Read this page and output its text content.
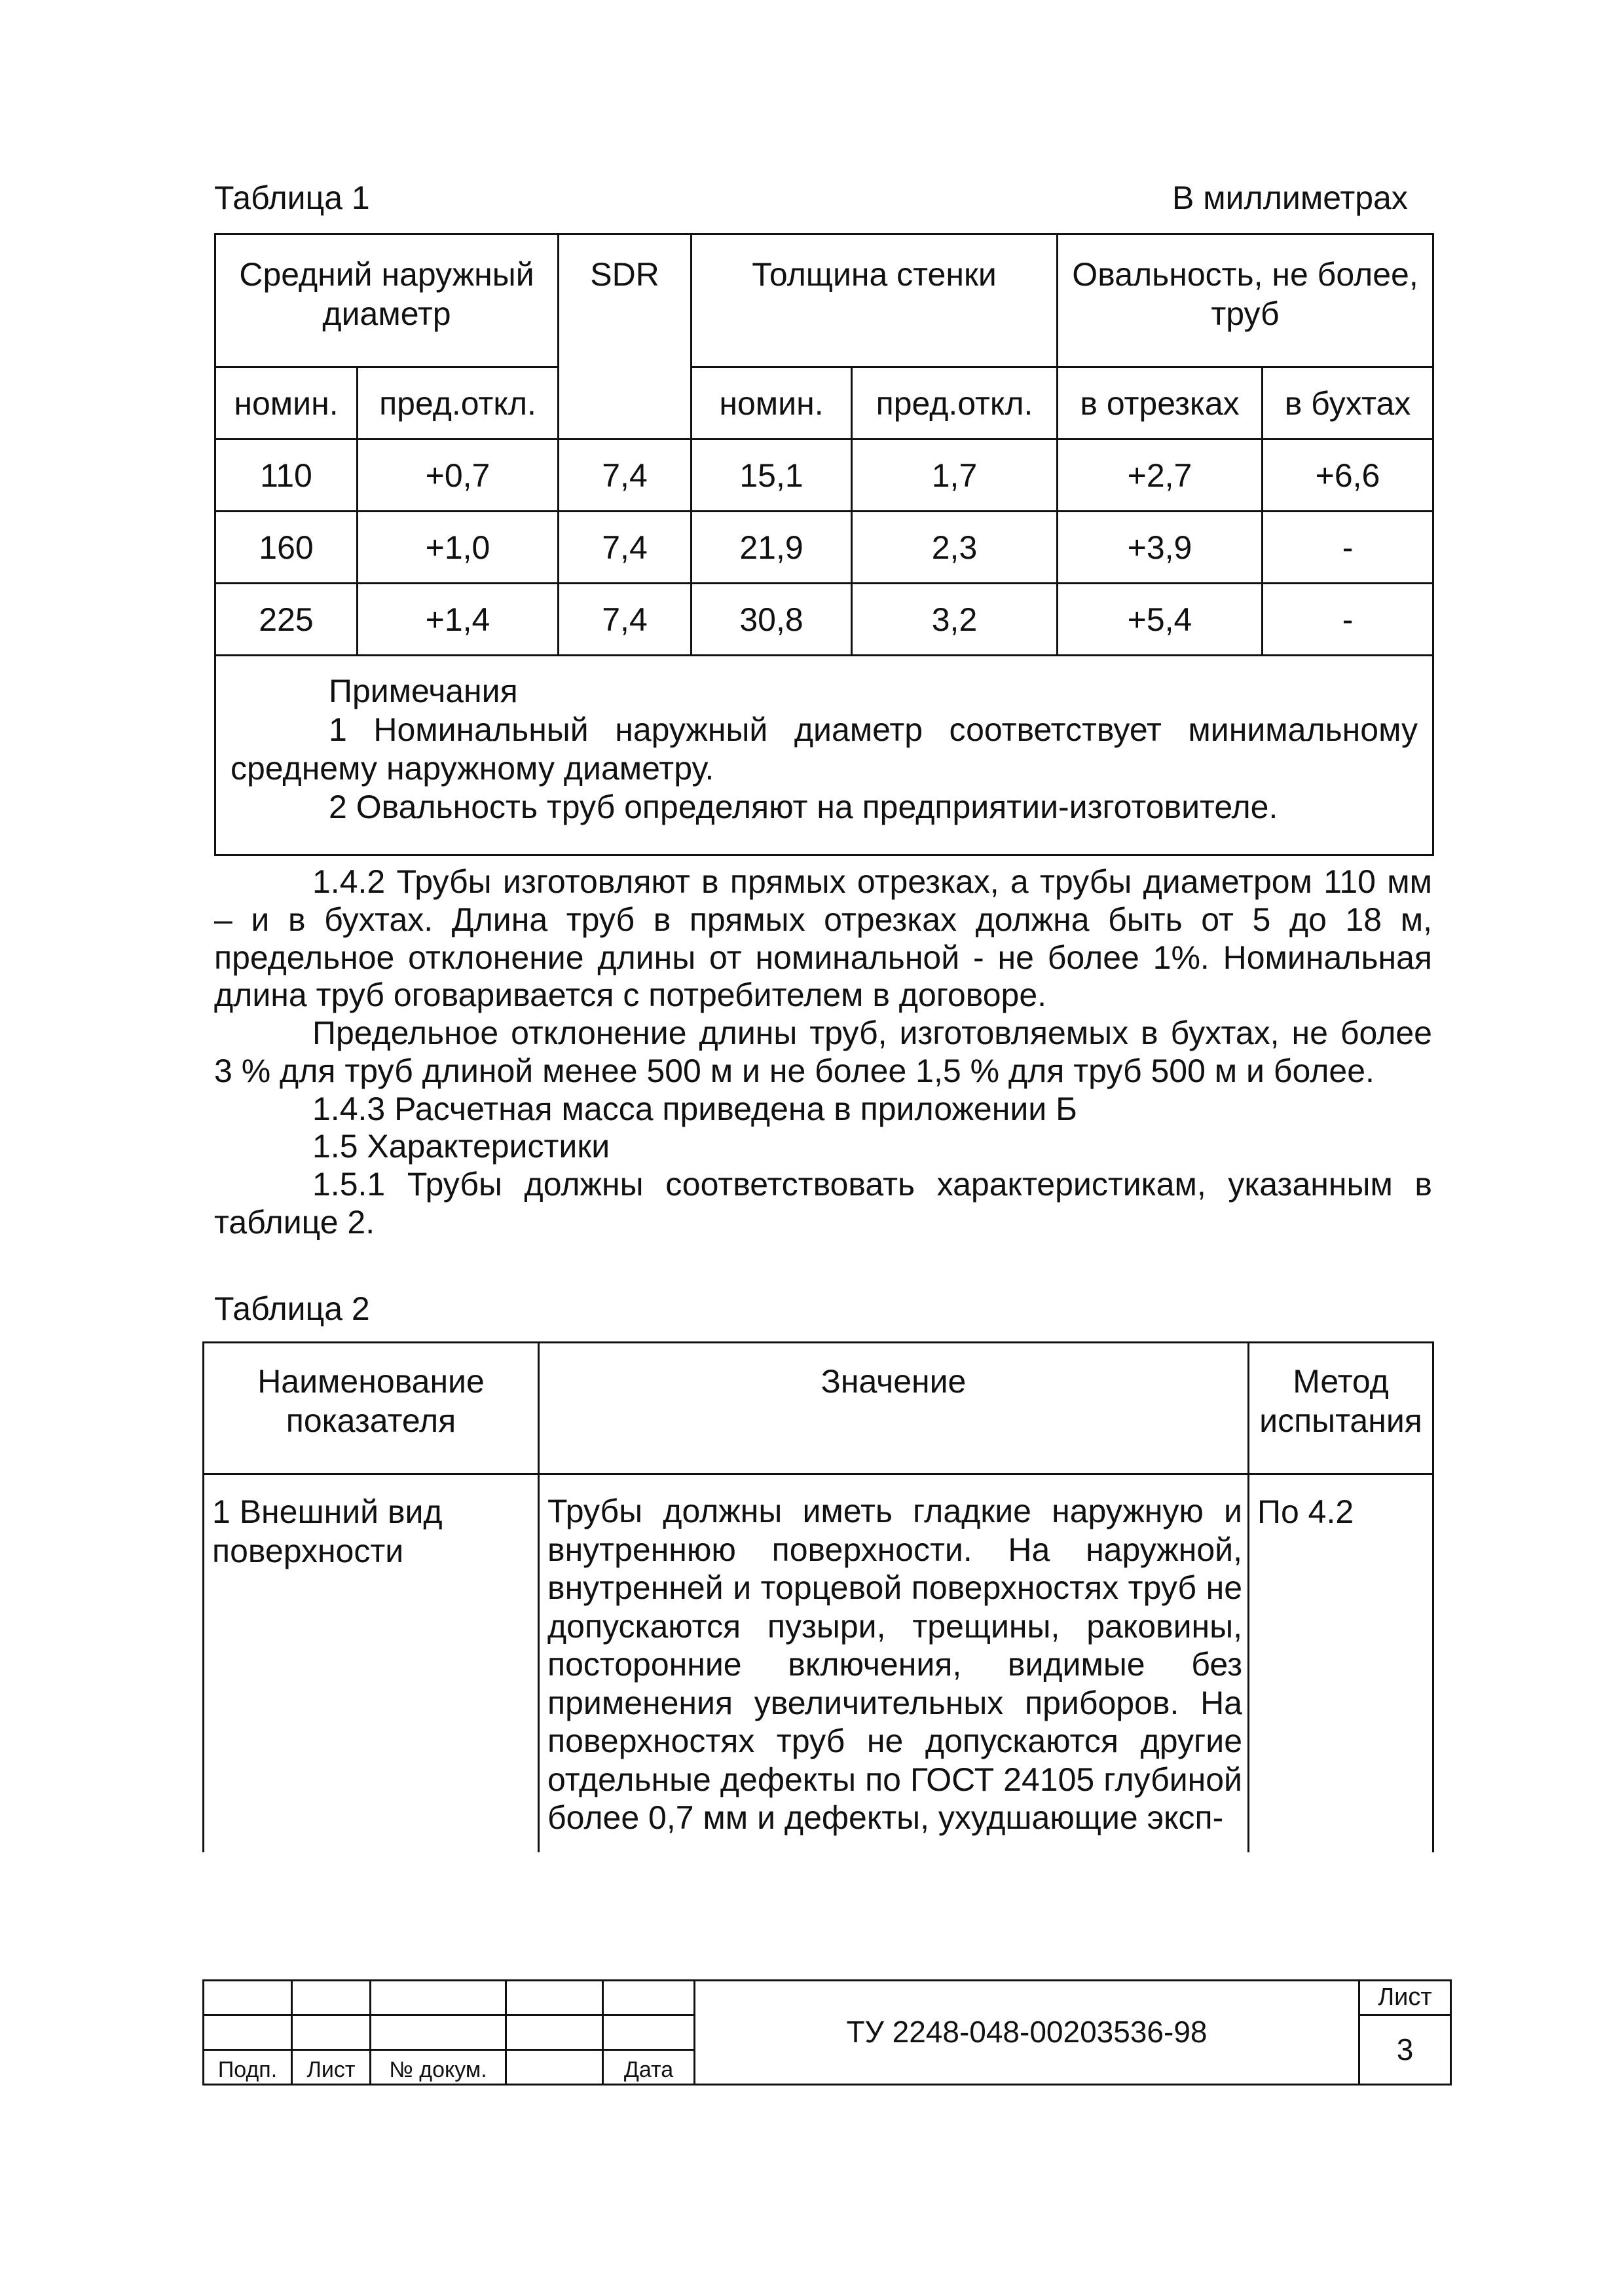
Таблица 1	В миллиметрах
Средний наружный диаметр		SDR	Толщина стенки		Овальность, не более, труб	
номин.	пред.откл.		номин.	пред.откл.	в отрезках	в бухтах
110	+0,7	7,4	15,1	1,7	+2,7	+6,6
160	+1,0	7,4	21,9	2,3	+3,9	-
225	+1,4	7,4	30,8	3,2	+5,4	-

Примечания

1 Номинальный наружный диаметр соответствует минимальному среднему наружному диаметру.

2 Овальность труб определяют на предприятии-изготовителе.						

1.4.2 Трубы изготовляют в прямых отрезках, а трубы диаметром 110 мм – и в бухтах. Длина труб в прямых отрезках должна быть от 5 до 18 м, предельное отклонение длины от номинальной - не более 1%. Номинальная длина труб оговаривается с потребителем в договоре.

Предельное отклонение длины труб, изготовляемых в бухтах, не более 3 % для труб длиной менее 500 м и не более 1,5 % для труб 500 м и более.

1.4.3 Расчетная масса приведена в приложении Б

1.5 Характеристики

1.5.1 Трубы должны соответствовать характеристикам, указанным в таблице 2.

Таблица 2
Наименование показателя	Значение	Метод испытания
1 Внешний вид поверхности	Трубы должны иметь гладкие наружную и внутреннюю поверхности. На наружной, внутренней и торцевой поверхностях труб не допускаются пузыри, трещины, раковины, посторонние включения, видимые без применения увеличительных приборов. На поверхностях труб не допускаются другие отдельные дефекты по ГОСТ 24105 глубиной более 0,7 мм и дефекты, ухудшающие эксп-	По 4.2
					ТУ 2248-048-00203536-98	Лист
						3
Подп.	Лист	№ докум.		Дата		
